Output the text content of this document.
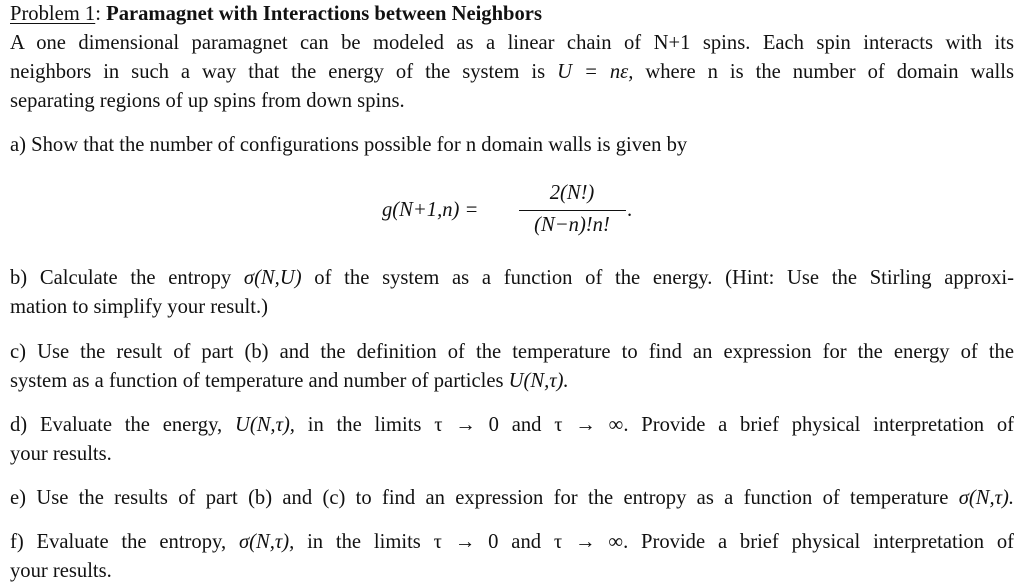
Problem 1: Paramagnet with Interactions between Neighbors
A one dimensional paramagnet can be modeled as a linear chain of N+1 spins. Each spin interacts with its
neighbors in such a way that the energy of the system is U = nε, where n is the number of domain walls
separating regions of up spins from down spins.
a) Show that the number of configurations possible for n domain walls is given by
g(N+1,n) =
2(N!)
(N−n)!n!
.
b) Calculate the entropy σ(N,U) of the system as a function of the energy. (Hint: Use the Stirling approxi-
mation to simplify your result.)
c) Use the result of part (b) and the definition of the temperature to find an expression for the energy of the
system as a function of temperature and number of particles U(N,τ).
d) Evaluate the energy, U(N,τ), in the limits τ → 0 and τ → ∞. Provide a brief physical interpretation of
your results.
e) Use the results of part (b) and (c) to find an expression for the entropy as a function of temperature σ(N,τ).
f) Evaluate the entropy, σ(N,τ), in the limits τ → 0 and τ → ∞. Provide a brief physical interpretation of
your results.
